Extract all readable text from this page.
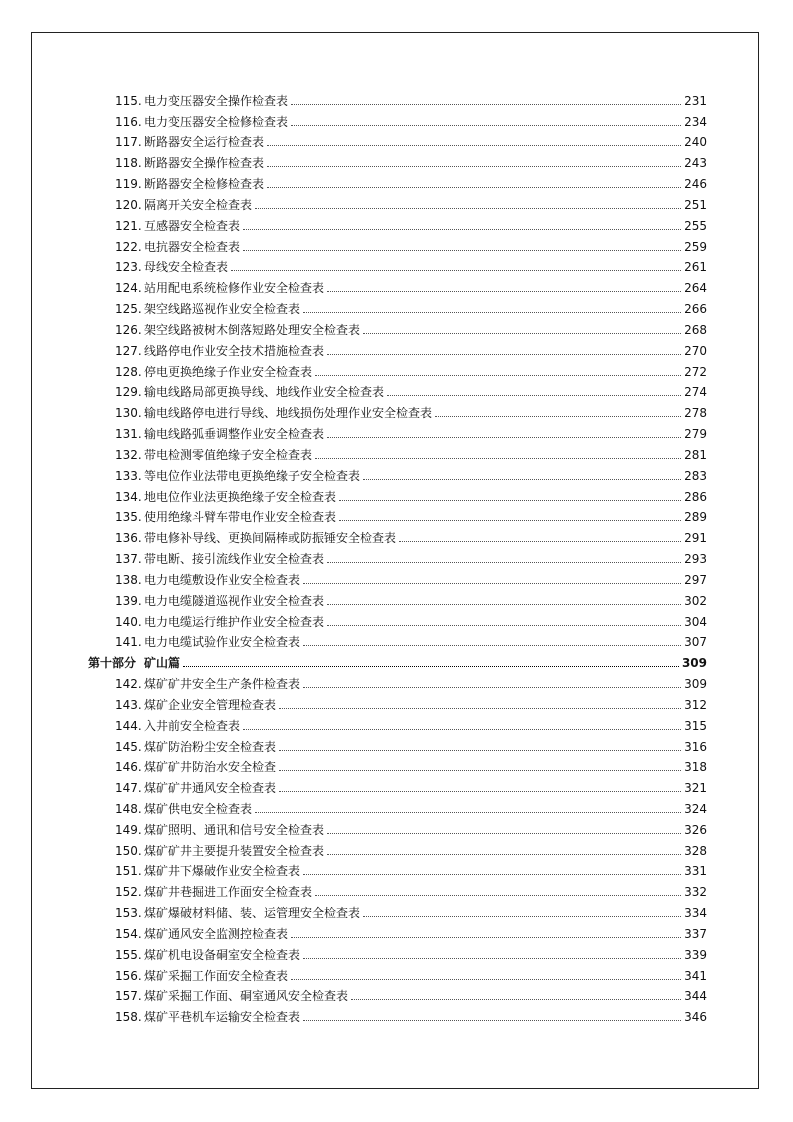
115. 电力变压器安全操作检查表	231
116. 电力变压器安全检修检查表	234
117. 断路器安全运行检查表	240
118. 断路器安全操作检查表	243
119. 断路器安全检修检查表	246
120. 隔离开关安全检查表	251
121. 互感器安全检查表	255
122. 电抗器安全检查表	259
123. 母线安全检查表	261
124. 站用配电系统检修作业安全检查表	264
125. 架空线路巡视作业安全检查表	266
126. 架空线路被树木倒落短路处理安全检查表	268
127. 线路停电作业安全技术措施检查表	270
128. 停电更换绝缘子作业安全检查表	272
129. 输电线路局部更换导线、地线作业安全检查表	274
130. 输电线路停电进行导线、地线损伤处理作业安全检查表	278
131. 输电线路弧垂调整作业安全检查表	279
132. 带电检测零值绝缘子安全检查表	281
133. 等电位作业法带电更换绝缘子安全检查表	283
134. 地电位作业法更换绝缘子安全检查表	286
135. 使用绝缘斗臂车带电作业安全检查表	289
136. 带电修补导线、更换间隔棒或防振锤安全检查表	291
137. 带电断、接引流线作业安全检查表	293
138. 电力电缆敷设作业安全检查表	297
139. 电力电缆隧道巡视作业安全检查表	302
140. 电力电缆运行维护作业安全检查表	304
141. 电力电缆试验作业安全检查表	307
第十部分 矿山篇	309
142. 煤矿矿井安全生产条件检查表	309
143. 煤矿企业安全管理检查表	312
144. 入井前安全检查表	315
145. 煤矿防治粉尘安全检查表	316
146. 煤矿矿井防治水安全检查	318
147. 煤矿矿井通风安全检查表	321
148. 煤矿供电安全检查表	324
149. 煤矿照明、通讯和信号安全检查表	326
150. 煤矿矿井主要提升装置安全检查表	328
151. 煤矿井下爆破作业安全检查表	331
152. 煤矿井巷掘进工作面安全检查表	332
153. 煤矿爆破材料储、装、运管理安全检查表	334
154. 煤矿通风安全监测控检查表	337
155. 煤矿机电设备硐室安全检查表	339
156. 煤矿采掘工作面安全检查表	341
157. 煤矿采掘工作面、硐室通风安全检查表	344
158. 煤矿平巷机车运输安全检查表	346
